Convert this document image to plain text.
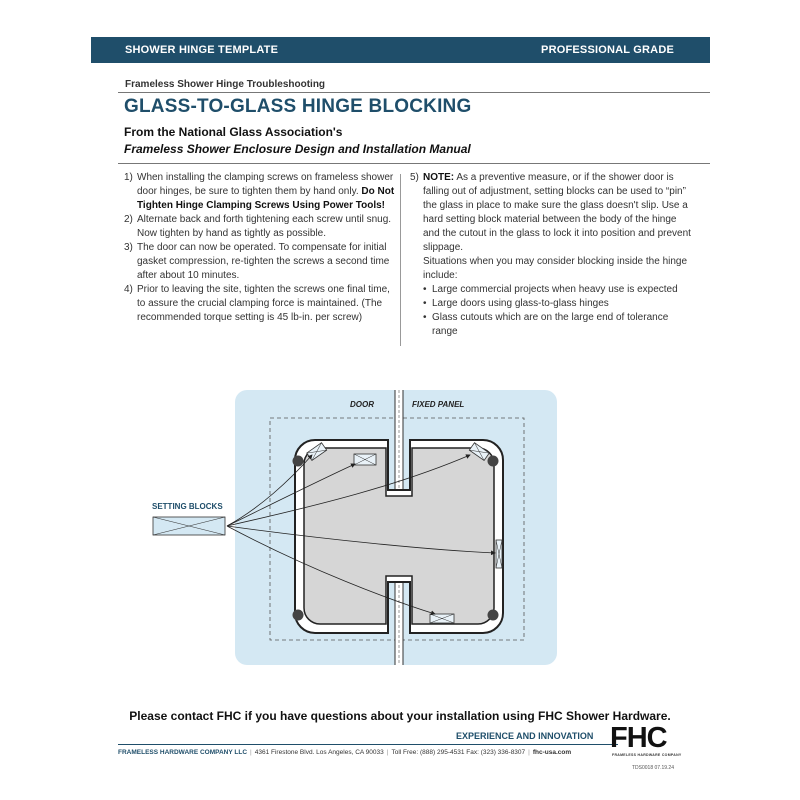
SHOWER HINGE TEMPLATE	PROFESSIONAL GRADE
Frameless Shower Hinge Troubleshooting
GLASS-TO-GLASS HINGE BLOCKING
From the National Glass Association's
Frameless Shower Enclosure Design and Installation Manual
1) When installing the clamping screws on frameless shower door hinges, be sure to tighten them by hand only. Do Not Tighten Hinge Clamping Screws Using Power Tools!
2) Alternate back and forth tightening each screw until snug. Now tighten by hand as tightly as possible.
3) The door can now be operated. To compensate for initial gasket compression, re-tighten the screws a second time after about 10 minutes.
4) Prior to leaving the site, tighten the screws one final time, to assure the crucial clamping force is maintained. (The recommended torque setting is 45 lb-in. per screw)
5) NOTE: As a preventive measure, or if the shower door is falling out of adjustment, setting blocks can be used to “pin” the glass in place to make sure the glass doesn't slip. Use a hard setting block material between the body of the hinge and the cutout in the glass to lock it into position and prevent slippage.
Situations when you may consider blocking inside the hinge include:
• Large commercial projects when heavy use is expected
• Large doors using glass-to-glass hinges
• Glass cutouts which are on the large end of tolerance range
DOOR	FIXED PANEL
SETTING BLOCKS
Please contact FHC if you have questions about your installation using FHC Shower Hardware.
EXPERIENCE AND INNOVATION
FRAMELESS HARDWARE COMPANY LLC | 4361 Firestone Blvd. Los Angeles, CA 90033 | Toll Free: (888) 295-4531 Fax: (323) 336-8307 | fhc-usa.com FHC
FRAMELESS HARDWARE COMPANY
TDS0018 07.19.24
